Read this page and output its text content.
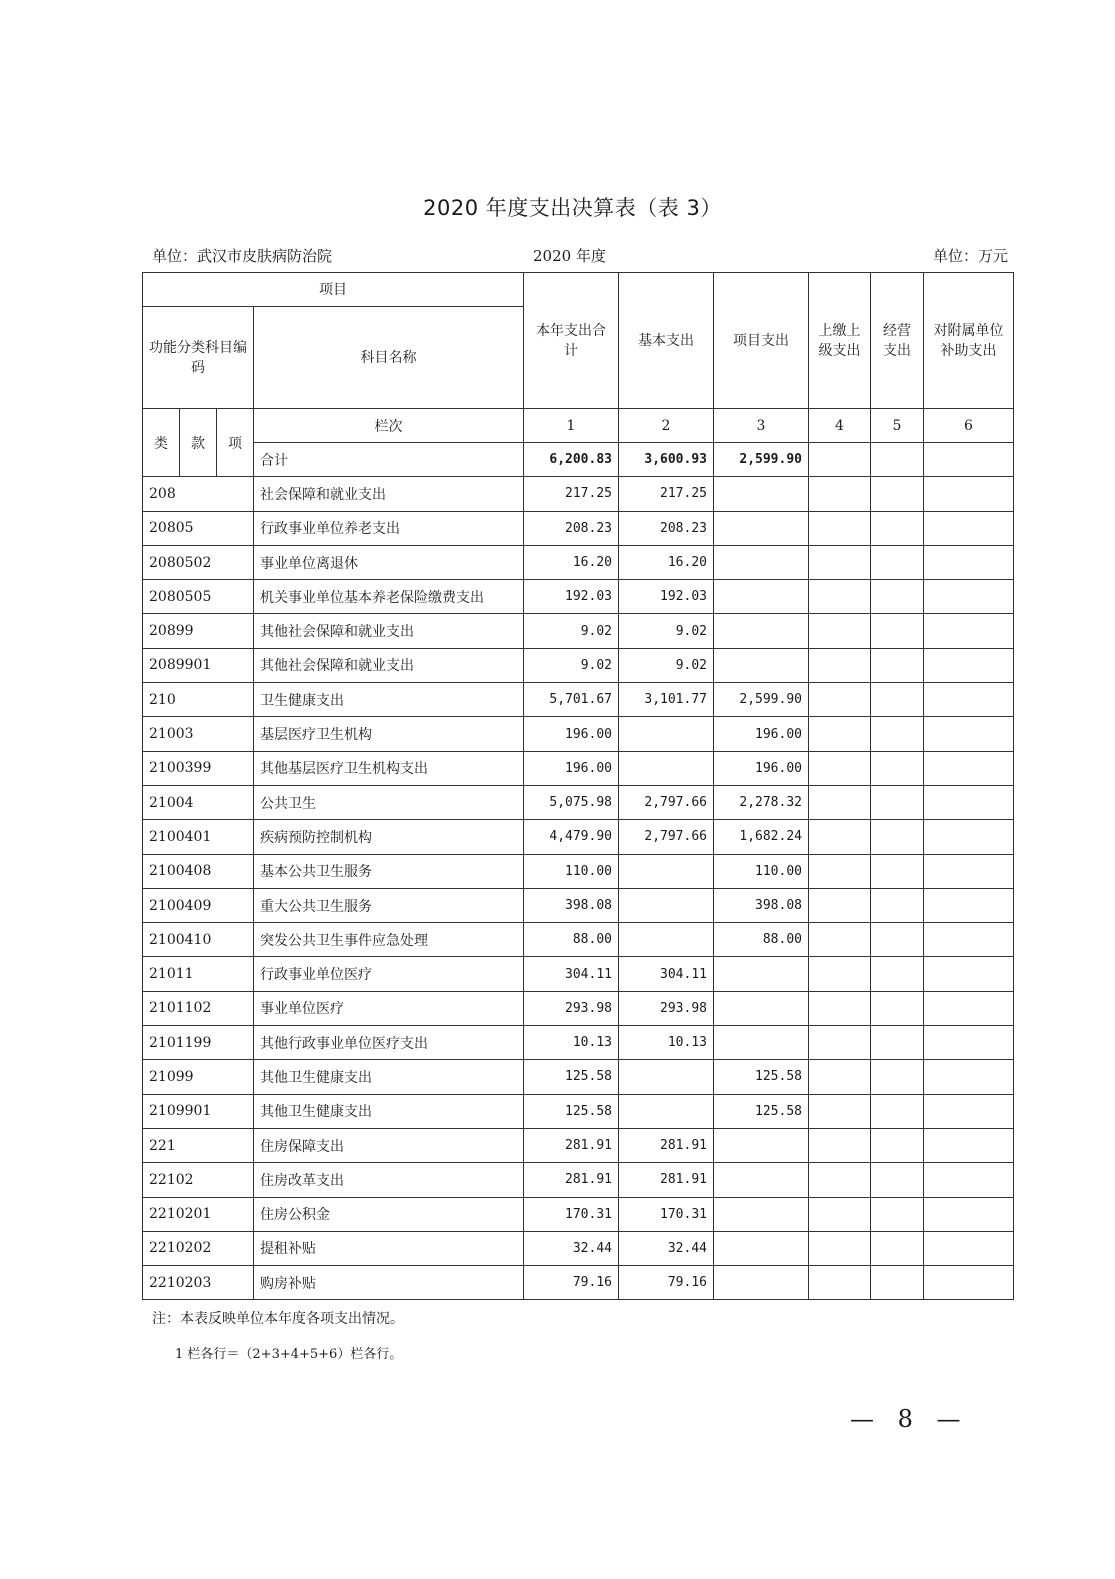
2020 年度支出决算表（表 3）
单位：武汉市皮肤病防治院	2020 年度	单位：万元
项目				本年支出合计	基本支出	项目支出	上缴上级支出	经营支出	对附属单位补助支出
功能分类科目编码			科目名称						
类	款	项	栏次	1	2	3	4	5	6
			合计	6,200.83	3,600.93	2,599.90			
208			社会保障和就业支出	217.25	217.25				
20805			行政事业单位养老支出	208.23	208.23				
2080502			事业单位离退休	16.20	16.20				
2080505			机关事业单位基本养老保险缴费支出	192.03	192.03				
20899			其他社会保障和就业支出	9.02	9.02				
2089901			其他社会保障和就业支出	9.02	9.02				
210			卫生健康支出	5,701.67	3,101.77	2,599.90			
21003			基层医疗卫生机构	196.00		196.00			
2100399			其他基层医疗卫生机构支出	196.00		196.00			
21004			公共卫生	5,075.98	2,797.66	2,278.32			
2100401			疾病预防控制机构	4,479.90	2,797.66	1,682.24			
2100408			基本公共卫生服务	110.00		110.00			
2100409			重大公共卫生服务	398.08		398.08			
2100410			突发公共卫生事件应急处理	88.00		88.00			
21011			行政事业单位医疗	304.11	304.11				
2101102			事业单位医疗	293.98	293.98				
2101199			其他行政事业单位医疗支出	10.13	10.13				
21099			其他卫生健康支出	125.58		125.58			
2109901			其他卫生健康支出	125.58		125.58			
221			住房保障支出	281.91	281.91				
22102			住房改革支出	281.91	281.91				
2210201			住房公积金	170.31	170.31				
2210202			提租补贴	32.44	32.44				
2210203			购房补贴	79.16	79.16				
注：本表反映单位本年度各项支出情况。
1 栏各行＝（2+3+4+5+6）栏各行。
— 8 —
